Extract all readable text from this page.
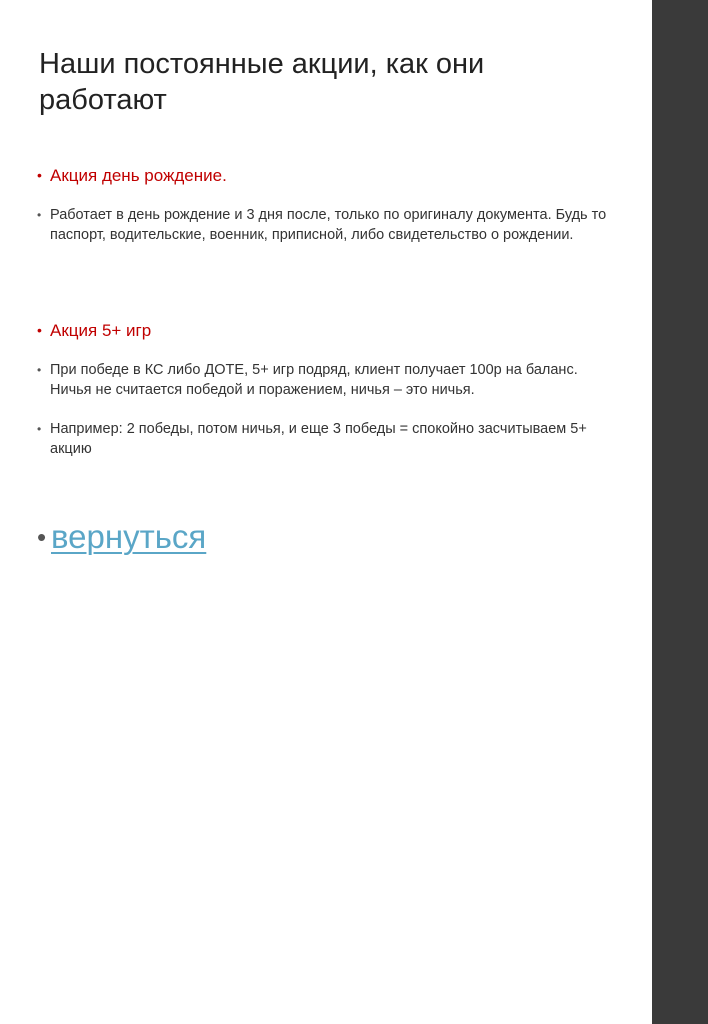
Наши постоянные акции, как они работают
• Акция день рождение.
• Работает в день рождение и 3 дня после, только по оригиналу документа. Будь то паспорт, водительские, военник, приписной, либо свидетельство о рождении.
• Акция 5+ игр
• При победе в КС либо ДОТЕ, 5+ игр подряд, клиент получает 100р на баланс. Ничья не считается победой и поражением, ничья – это ничья.
• Например: 2 победы, потом ничья, и еще 3 победы = спокойно засчитываем 5+ акцию
• вернуться
